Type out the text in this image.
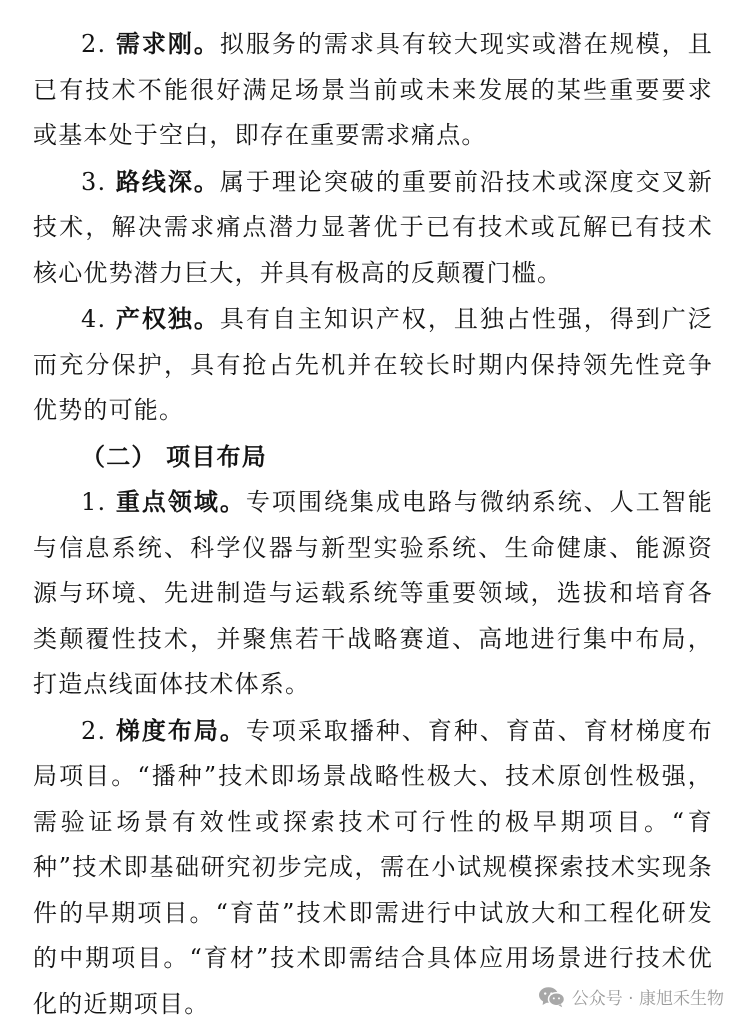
2. 需求刚。拟服务的需求具有较大现实或潜在规模，且已有技术不能很好满足场景当前或未来发展的某些重要要求或基本处于空白，即存在重要需求痛点。

3. 路线深。属于理论突破的重要前沿技术或深度交叉新技术，解决需求痛点潜力显著优于已有技术或瓦解已有技术核心优势潜力巨大，并具有极高的反颠覆门槛。

4. 产权独。具有自主知识产权，且独占性强，得到广泛而充分保护，具有抢占先机并在较长时期内保持领先性竞争优势的可能。

（二） 项目布局

1. 重点领域。专项围绕集成电路与微纳系统、人工智能与信息系统、科学仪器与新型实验系统、生命健康、能源资源与环境、先进制造与运载系统等重要领域，选拔和培育各类颠覆性技术，并聚焦若干战略赛道、高地进行集中布局，打造点线面体技术体系。

2. 梯度布局。专项采取播种、育种、育苗、育材梯度布局项目。“播种”技术即场景战略性极大、技术原创性极强，需验证场景有效性或探索技术可行性的极早期项目。“育种”技术即基础研究初步完成，需在小试规模探索技术实现条件的早期项目。“育苗”技术即需进行中试放大和工程化研发的中期项目。“育材”技术即需结合具体应用场景进行技术优化的近期项目。	公众号 · 康旭禾生物
